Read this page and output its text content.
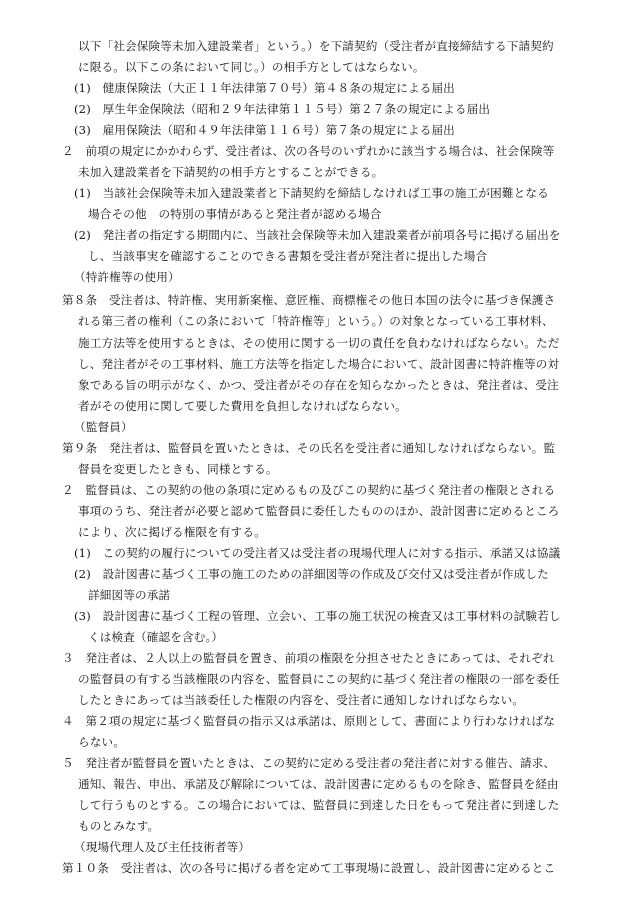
以下「社会保険等未加入建設業者」という。）を下請契約（受注者が直接締結する下請契約

に限る。以下この条において同じ。）の相手方としてはならない。

(1)　健康保険法（大正１１年法律第７０号）第４８条の規定による届出

(2)　厚生年金保険法（昭和２９年法律第１１５号）第２７条の規定による届出

(3)　雇用保険法（昭和４９年法律第１１６号）第７条の規定による届出

２　前項の規定にかかわらず、受注者は、次の各号のいずれかに該当する場合は、社会保険等

未加入建設業者を下請契約の相手方とすることができる。

(1)　当該社会保険等未加入建設業者と下請契約を締結しなければ工事の施工が困難となる

場合その他　の特別の事情があると発注者が認める場合

(2)　発注者の指定する期間内に、当該社会保険等未加入建設業者が前項各号に掲げる届出を

し、当該事実を確認することのできる書類を受注者が発注者に提出した場合

（特許権等の使用）

第８条　受注者は、特許権、実用新案権、意匠権、商標権その他日本国の法令に基づき保護さ

れる第三者の権利（この条において「特許権等」という。）の対象となっている工事材料、

施工方法等を使用するときは、その使用に関する一切の責任を負わなければならない。ただ

し、発注者がその工事材料、施工方法等を指定した場合において、設計図書に特許権等の対

象である旨の明示がなく、かつ、受注者がその存在を知らなかったときは、発注者は、受注

者がその使用に関して要した費用を負担しなければならない。

（監督員）

第９条　発注者は、監督員を置いたときは、その氏名を受注者に通知しなければならない。監

督員を変更したときも、同様とする。

２　監督員は、この契約の他の条項に定めるもの及びこの契約に基づく発注者の権限とされる

事項のうち、発注者が必要と認めて監督員に委任したもののほか、設計図書に定めるところ

により、次に掲げる権限を有する。

(1)　この契約の履行についての受注者又は受注者の現場代理人に対する指示、承諾又は協議

(2)　設計図書に基づく工事の施工のための詳細図等の作成及び交付又は受注者が作成した

詳細図等の承諾

(3)　設計図書に基づく工程の管理、立会い、工事の施工状況の検査又は工事材料の試験若し

くは検査（確認を含む。）

３　発注者は、２人以上の監督員を置き、前項の権限を分担させたときにあっては、それぞれ

の監督員の有する当該権限の内容を、監督員にこの契約に基づく発注者の権限の一部を委任

したときにあっては当該委任した権限の内容を、受注者に通知しなければならない。

４　第２項の規定に基づく監督員の指示又は承諾は、原則として、書面により行わなければな

らない。

５　発注者が監督員を置いたときは、この契約に定める受注者の発注者に対する催告、請求、

通知、報告、申出、承諾及び解除については、設計図書に定めるものを除き、監督員を経由

して行うものとする。この場合においては、監督員に到達した日をもって発注者に到達した

ものとみなす。

（現場代理人及び主任技術者等）

第１０条　受注者は、次の各号に掲げる者を定めて工事現場に設置し、設計図書に定めるとこ
